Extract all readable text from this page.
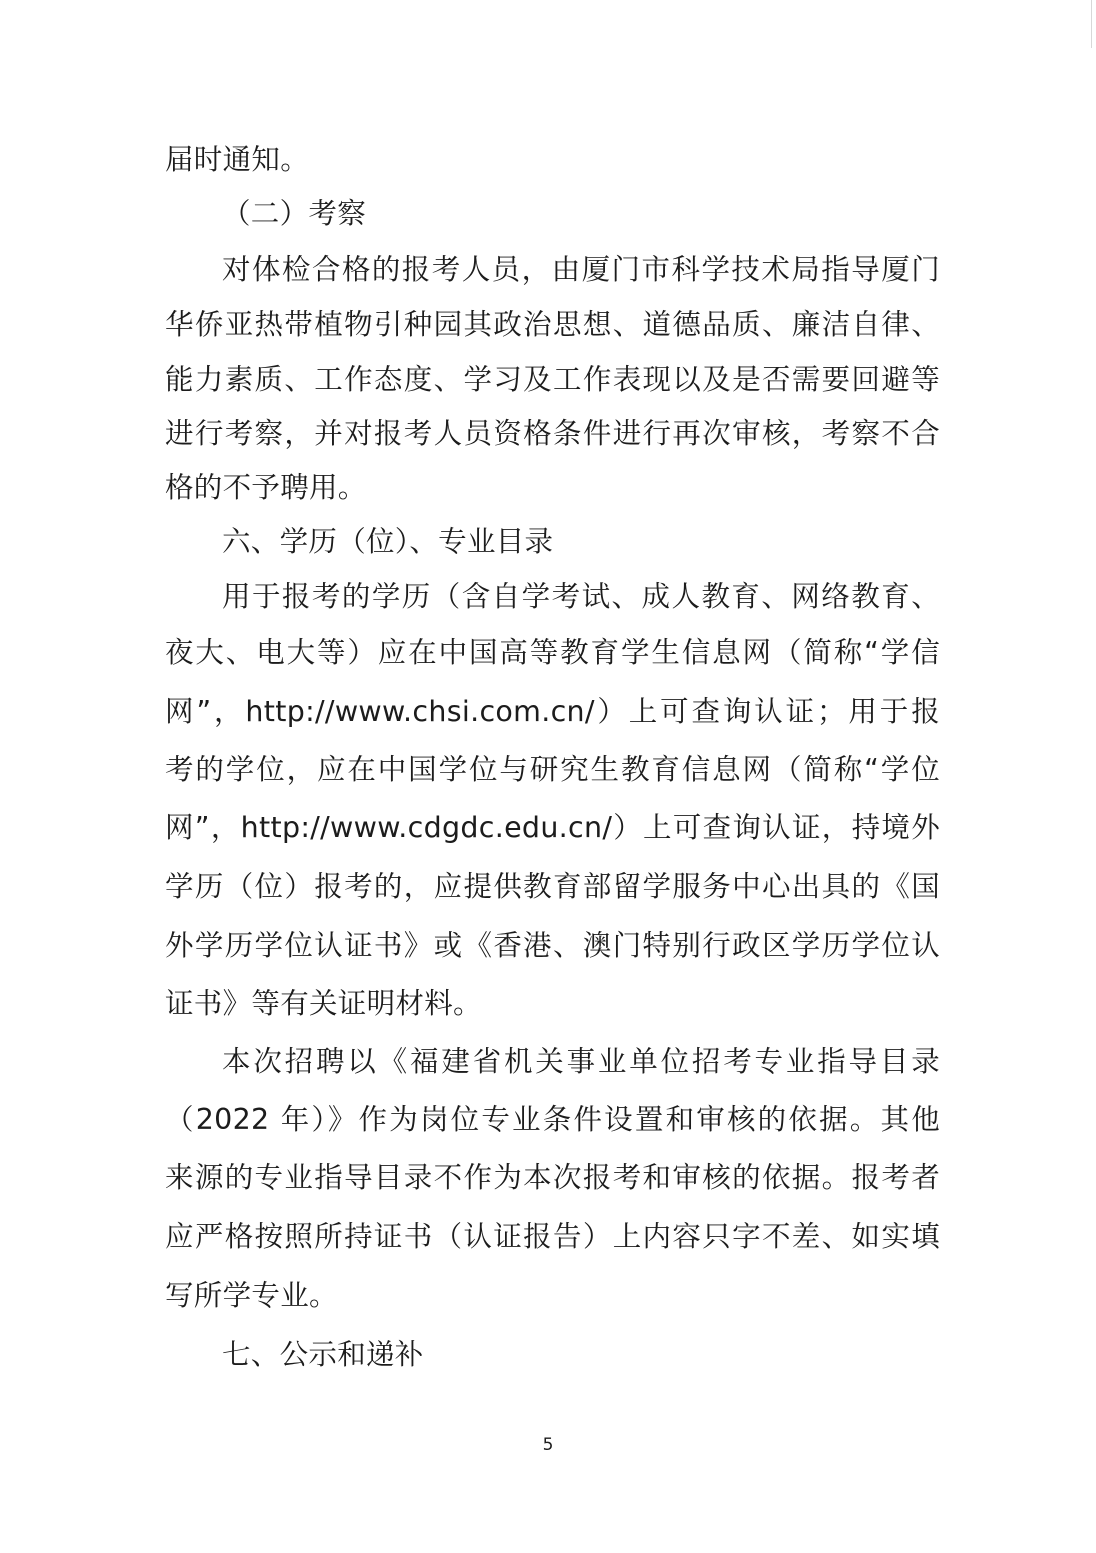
届时通知。
（二）考察
对体检合格的报考人员，由厦门市科学技术局指导厦门
华侨亚热带植物引种园其政治思想、道德品质、廉洁自律、
能力素质、工作态度、学习及工作表现以及是否需要回避等
进行考察，并对报考人员资格条件进行再次审核，考察不合
格的不予聘用。
六、学历（位）、专业目录
用于报考的学历（含自学考试、成人教育、网络教育、
夜大、电大等）应在中国高等教育学生信息网（简称“学信
网”，http://www.chsi.com.cn/）上可查询认证；用于报
考的学位，应在中国学位与研究生教育信息网（简称“学位
网”，http://www.cdgdc.edu.cn/）上可查询认证，持境外
学历（位）报考的，应提供教育部留学服务中心出具的《国
外学历学位认证书》或《香港、澳门特别行政区学历学位认
证书》等有关证明材料。
本次招聘以《福建省机关事业单位招考专业指导目录
（2022 年）》作为岗位专业条件设置和审核的依据。其他
来源的专业指导目录不作为本次报考和审核的依据。报考者
应严格按照所持证书（认证报告）上内容只字不差、如实填
写所学专业。
七、公示和递补
5
